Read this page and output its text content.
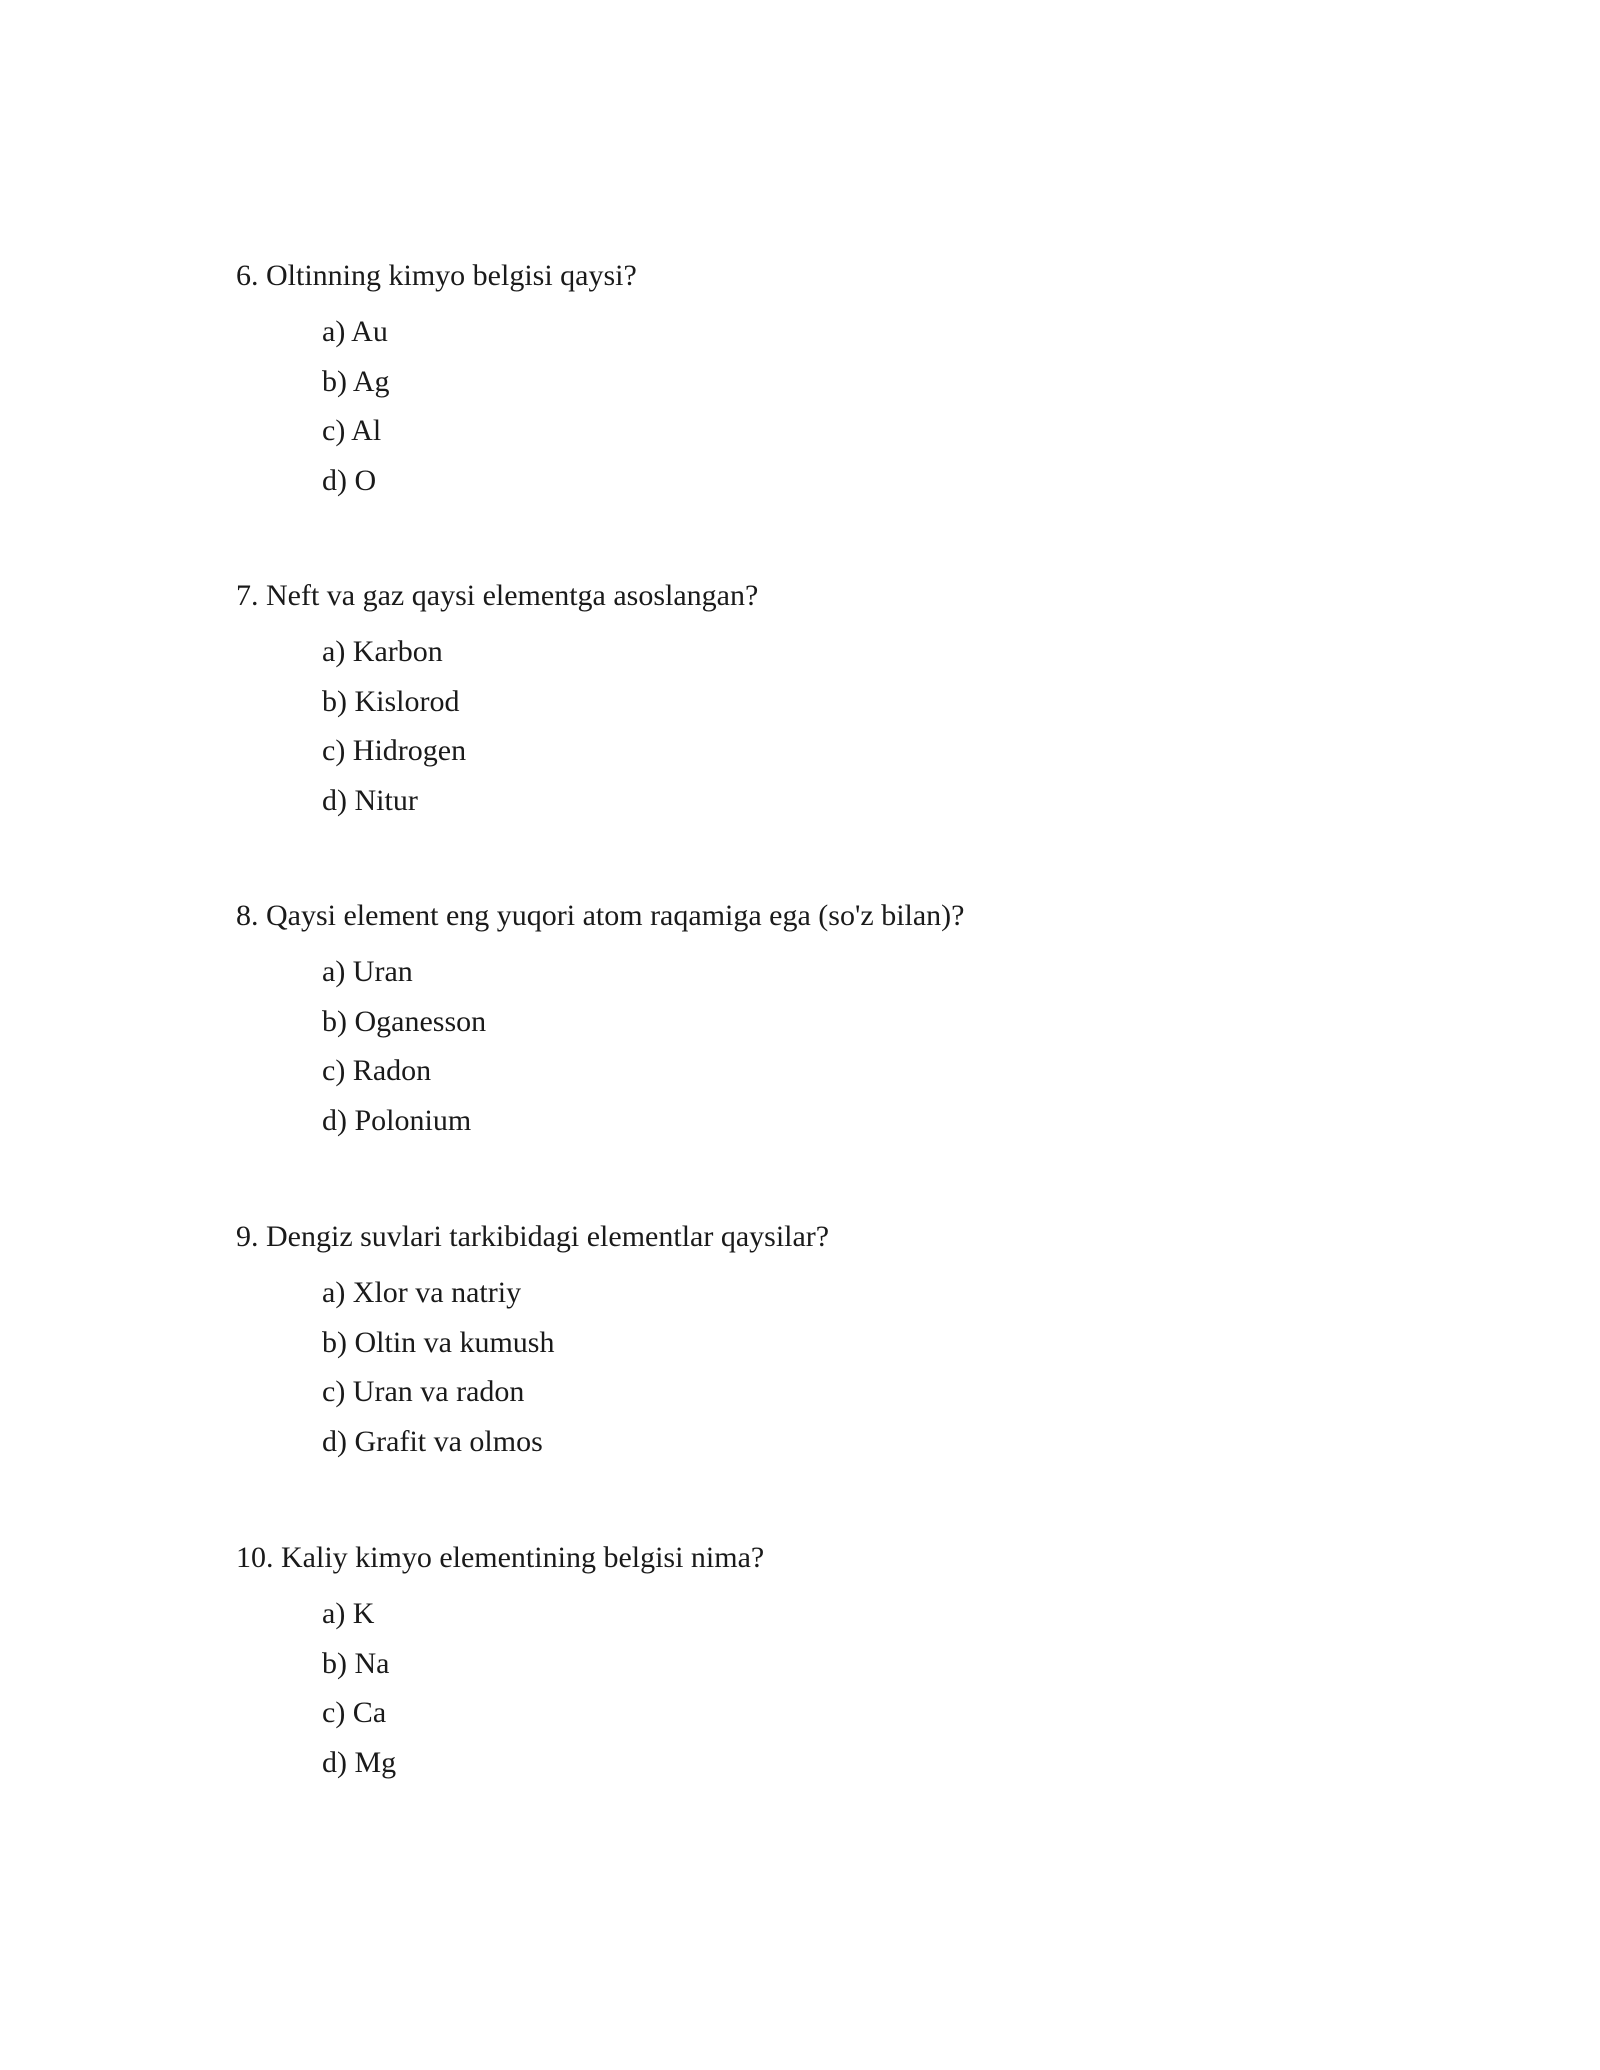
6. Oltinning kimyo belgisi qaysi?
a) Au
b) Ag
c) Al
d) O
7. Neft va gaz qaysi elementga asoslangan?
a) Karbon
b) Kislorod
c) Hidrogen
d) Nitur
8. Qaysi element eng yuqori atom raqamiga ega (so'z bilan)?
a) Uran
b) Oganesson
c) Radon
d) Polonium
9. Dengiz suvlari tarkibidagi elementlar qaysilar?
a) Xlor va natriy
b) Oltin va kumush
c) Uran va radon
d) Grafit va olmos
10. Kaliy kimyo elementining belgisi nima?
a) K
b) Na
c) Ca
d) Mg
